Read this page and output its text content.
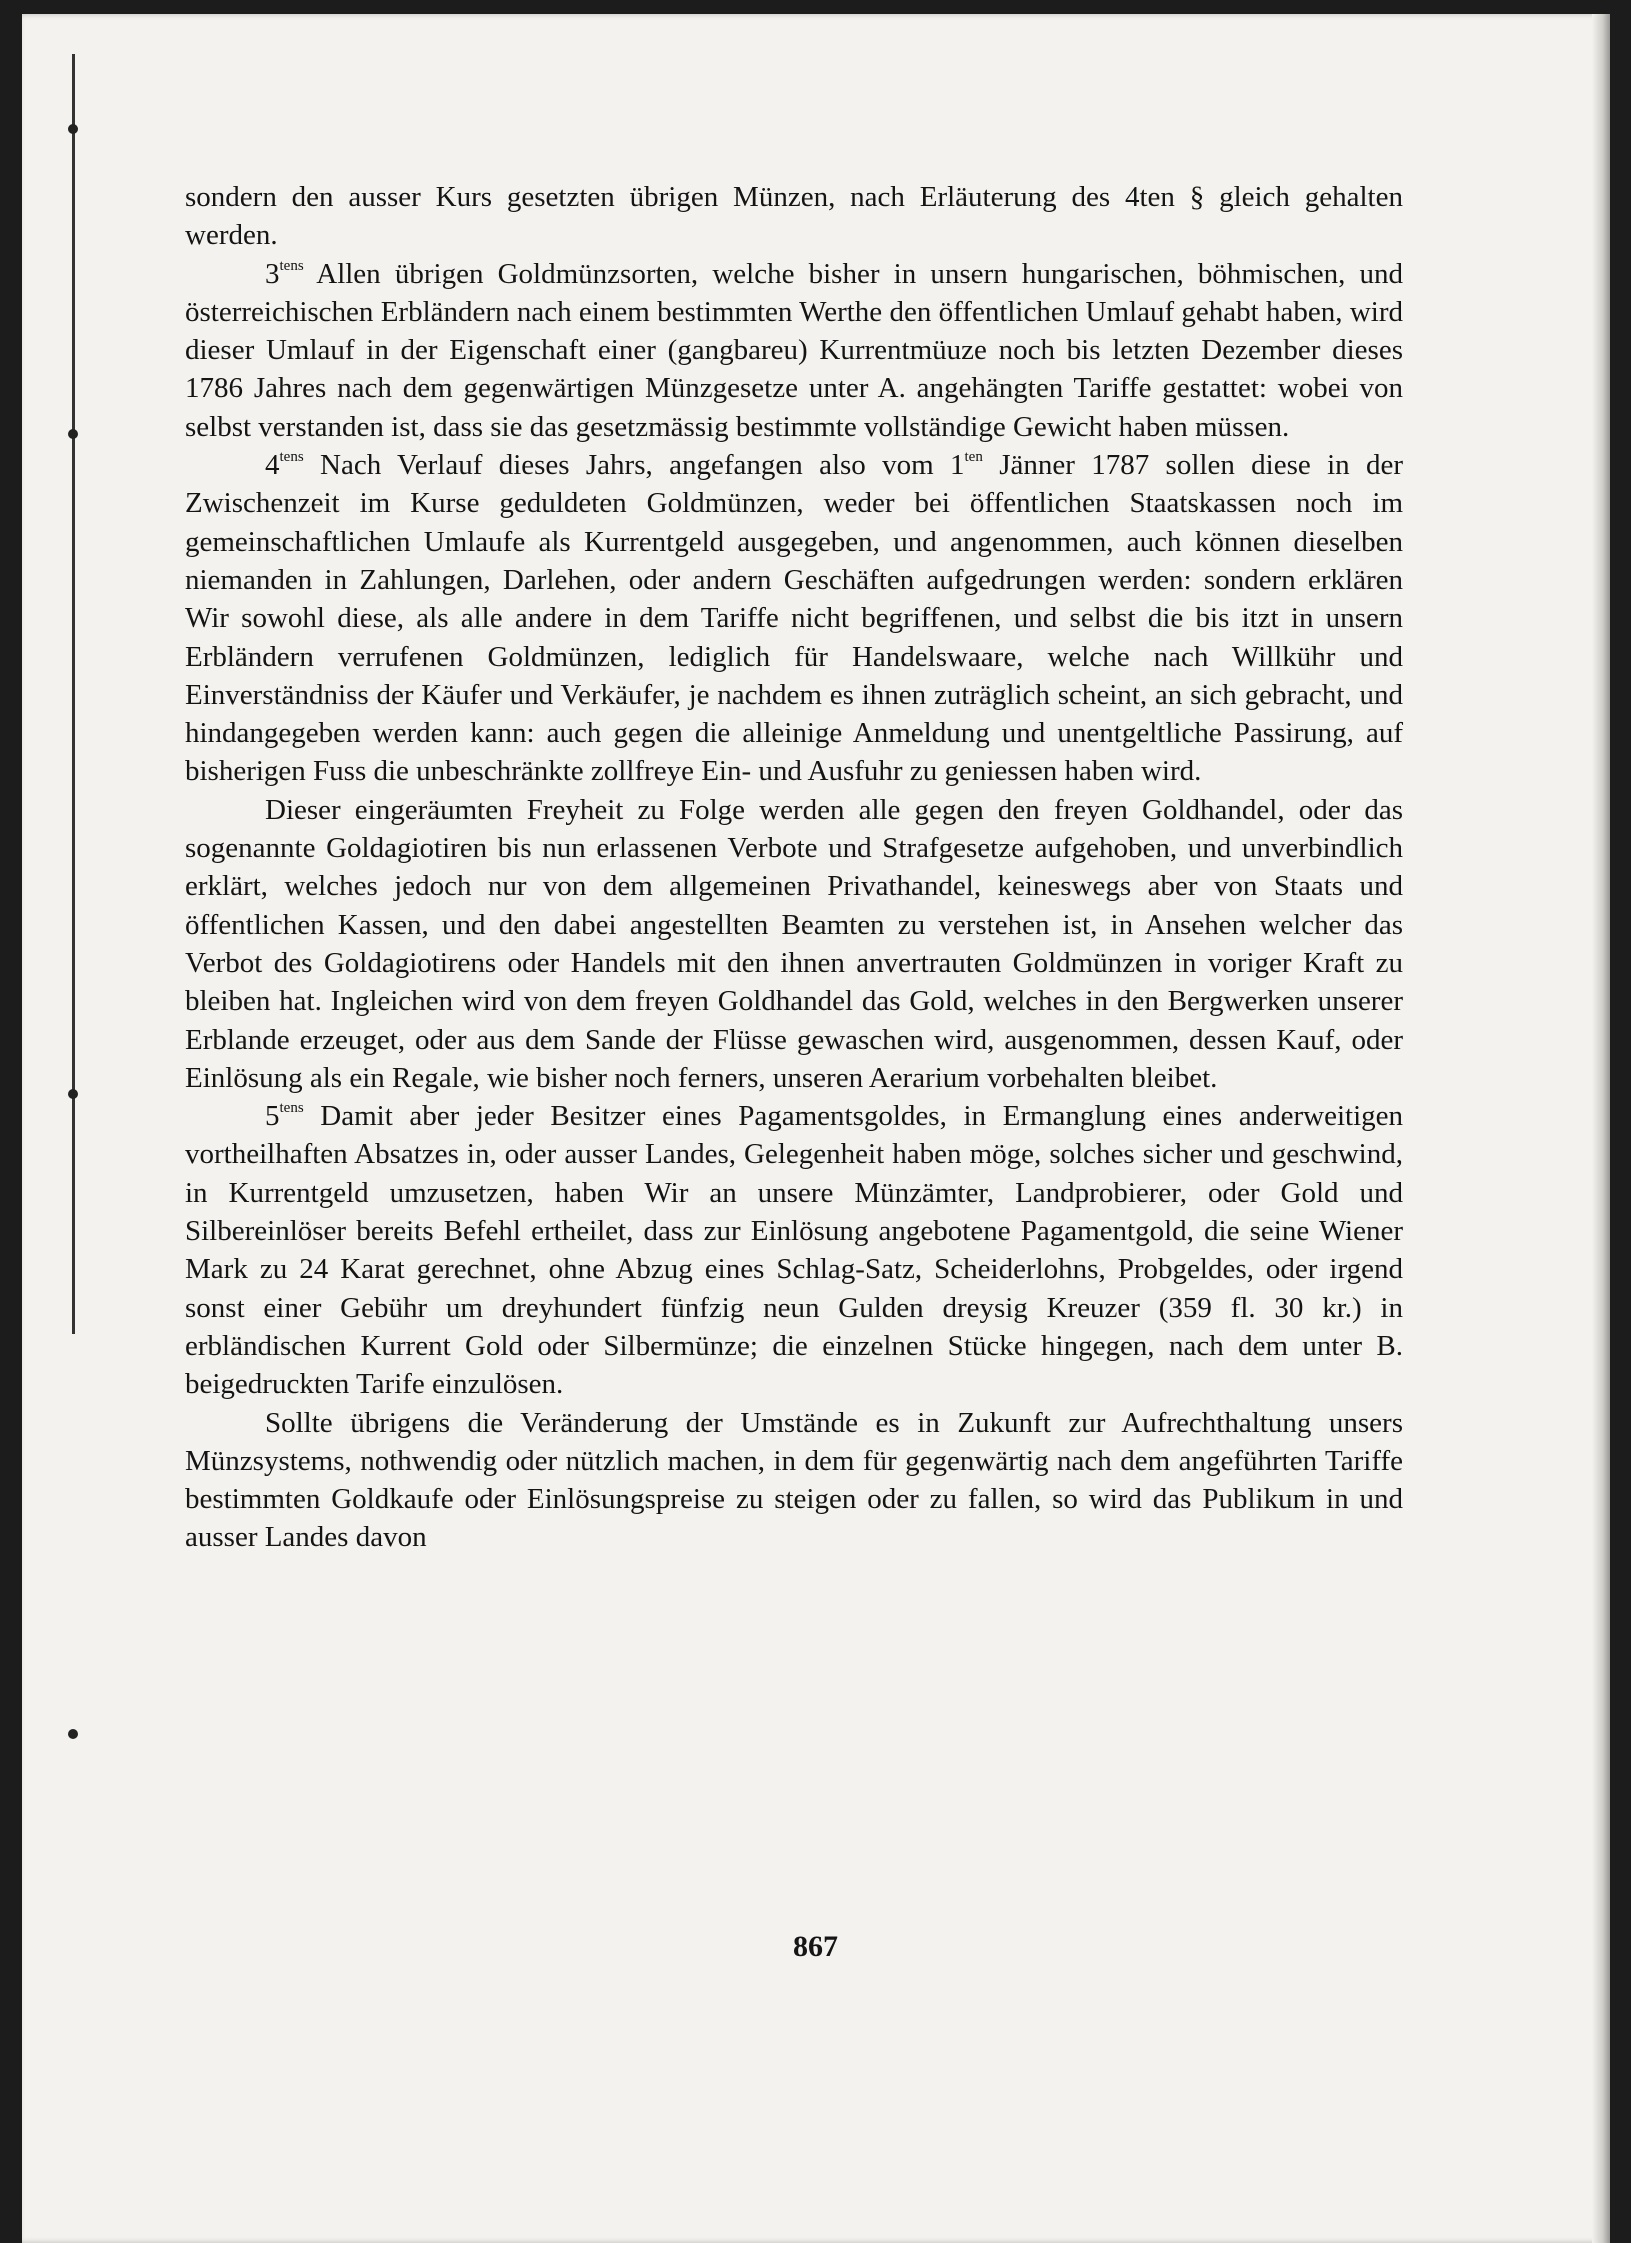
sondern den ausser Kurs gesetzten übrigen Münzen, nach Erläuterung des 4ten § gleich gehalten werden.

$3^{tens}$ Allen übrigen Goldmünzsorten, welche bisher in unsern hungarischen, böhmischen, und österreichischen Erbländern nach einem bestimmten Werthe den öffentlichen Umlauf gehabt haben, wird dieser Umlauf in der Eigenschaft einer (gangbareu) Kurrentmüuze noch bis letzten Dezember dieses 1786 Jahres nach dem gegenwärtigen Münzgesetze unter A. angehängten Tariffe gestattet: wobei von selbst verstanden ist, dass sie das gesetzmässig bestimmte vollständige Gewicht haben müssen.

$4^{tens}$ Nach Verlauf dieses Jahrs, angefangen also vom $1^{ten}$ Jänner 1787 sollen diese in der Zwischenzeit im Kurse geduldeten Goldmünzen, weder bei öffentlichen Staatskassen noch im gemeinschaftlichen Umlaufe als Kurrentgeld ausgegeben, und angenommen, auch können dieselben niemanden in Zahlungen, Darlehen, oder andern Geschäften aufgedrungen werden: sondern erklären Wir sowohl diese, als alle andere in dem Tariffe nicht begriffenen, und selbst die bis itzt in unsern Erbländern verrufenen Goldmünzen, lediglich für Handelswaare, welche nach Willkühr und Einverständniss der Käufer und Verkäufer, je nachdem es ihnen zuträglich scheint, an sich gebracht, und hindangegeben werden kann: auch gegen die alleinige Anmeldung und unentgeltliche Passirung, auf bisherigen Fuss die unbeschränkte zollfreye Ein- und Ausfuhr zu geniessen haben wird.

Dieser eingeräumten Freyheit zu Folge werden alle gegen den freyen Goldhandel, oder das sogenannte Goldagiotiren bis nun erlassenen Verbote und Strafgesetze aufgehoben, und unverbindlich erklärt, welches jedoch nur von dem allgemeinen Privathandel, keineswegs aber von Staats und öffentlichen Kassen, und den dabei angestellten Beamten zu verstehen ist, in Ansehen welcher das Verbot des Goldagiotirens oder Handels mit den ihnen anvertrauten Goldmünzen in voriger Kraft zu bleiben hat. Ingleichen wird von dem freyen Goldhandel das Gold, welches in den Bergwerken unserer Erblande erzeuget, oder aus dem Sande der Flüsse gewaschen wird, ausgenommen, dessen Kauf, oder Einlösung als ein Regale, wie bisher noch ferners, unseren Aerarium vorbehalten bleibet.

$5^{tens}$ Damit aber jeder Besitzer eines Pagamentsgoldes, in Ermanglung eines anderweitigen vortheilhaften Absatzes in, oder ausser Landes, Gelegenheit haben möge, solches sicher und geschwind, in Kurrentgeld umzusetzen, haben Wir an unsere Münzämter, Landprobierer, oder Gold und Silbereinlöser bereits Befehl ertheilet, dass zur Einlösung angebotene Pagamentgold, die seine Wiener Mark zu 24 Karat gerechnet, ohne Abzug eines Schlag-Satz, Scheiderlohns, Probgeldes, oder irgend sonst einer Gebühr um dreyhundert fünfzig neun Gulden dreysig Kreuzer (359 fl. 30 kr.) in erbländischen Kurrent Gold oder Silbermünze; die einzelnen Stücke hingegen, nach dem unter B. beigedruckten Tarife einzulösen.

Sollte übrigens die Veränderung der Umstände es in Zukunft zur Aufrechthaltung unsers Münzsystems, nothwendig oder nützlich machen, in dem für gegenwärtig nach dem angeführten Tariffe bestimmten Goldkaufe oder Einlösungspreise zu steigen oder zu fallen, so wird das Publikum in und ausser Landes davon

867
